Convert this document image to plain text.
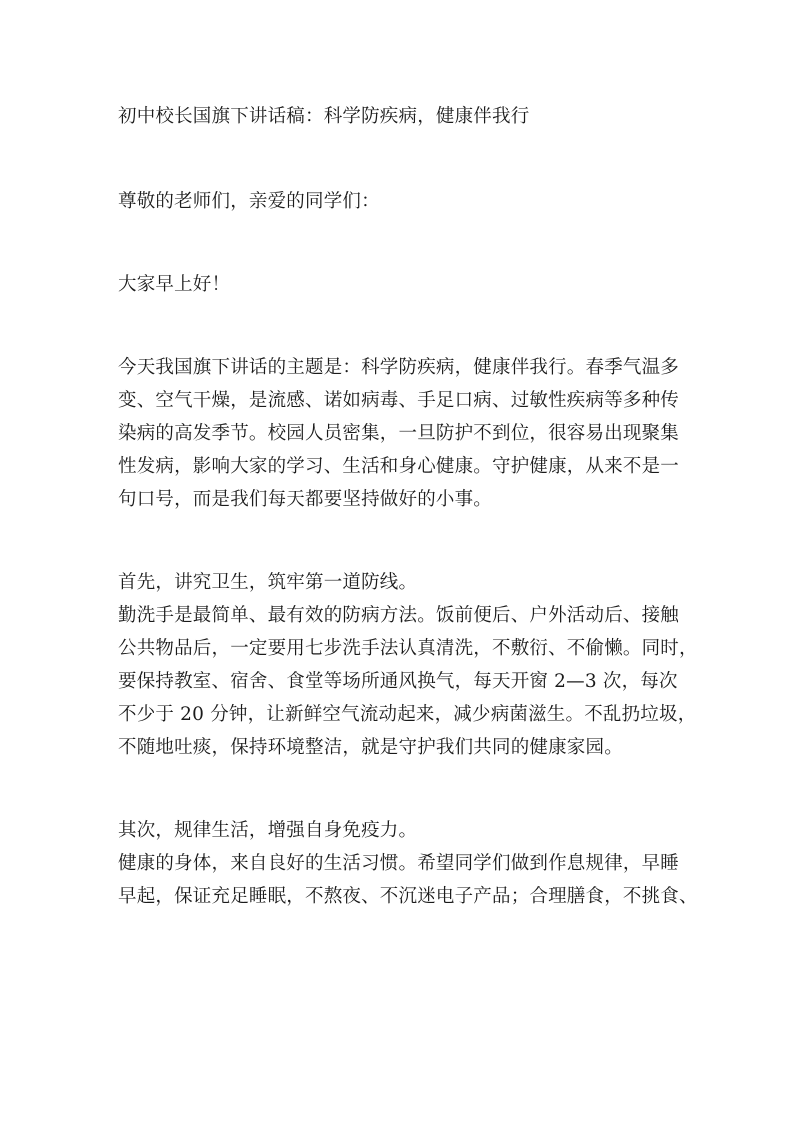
初中校长国旗下讲话稿：科学防疾病，健康伴我行
尊敬的老师们，亲爱的同学们：
大家早上好！
今天我国旗下讲话的主题是：科学防疾病，健康伴我行。春季气温多
变、空气干燥，是流感、诺如病毒、手足口病、过敏性疾病等多种传
染病的高发季节。校园人员密集，一旦防护不到位，很容易出现聚集
性发病，影响大家的学习、生活和身心健康。守护健康，从来不是一
句口号，而是我们每天都要坚持做好的小事。
首先，讲究卫生，筑牢第一道防线。
勤洗手是最简单、最有效的防病方法。饭前便后、户外活动后、接触
公共物品后，一定要用七步洗手法认真清洗，不敷衍、不偷懒。同时，
要保持教室、宿舍、食堂等场所通风换气，每天开窗 2—3 次，每次
不少于 20 分钟，让新鲜空气流动起来，减少病菌滋生。不乱扔垃圾，
不随地吐痰，保持环境整洁，就是守护我们共同的健康家园。
其次，规律生活，增强自身免疫力。
健康的身体，来自良好的生活习惯。希望同学们做到作息规律，早睡
早起，保证充足睡眠，不熬夜、不沉迷电子产品；合理膳食，不挑食、
